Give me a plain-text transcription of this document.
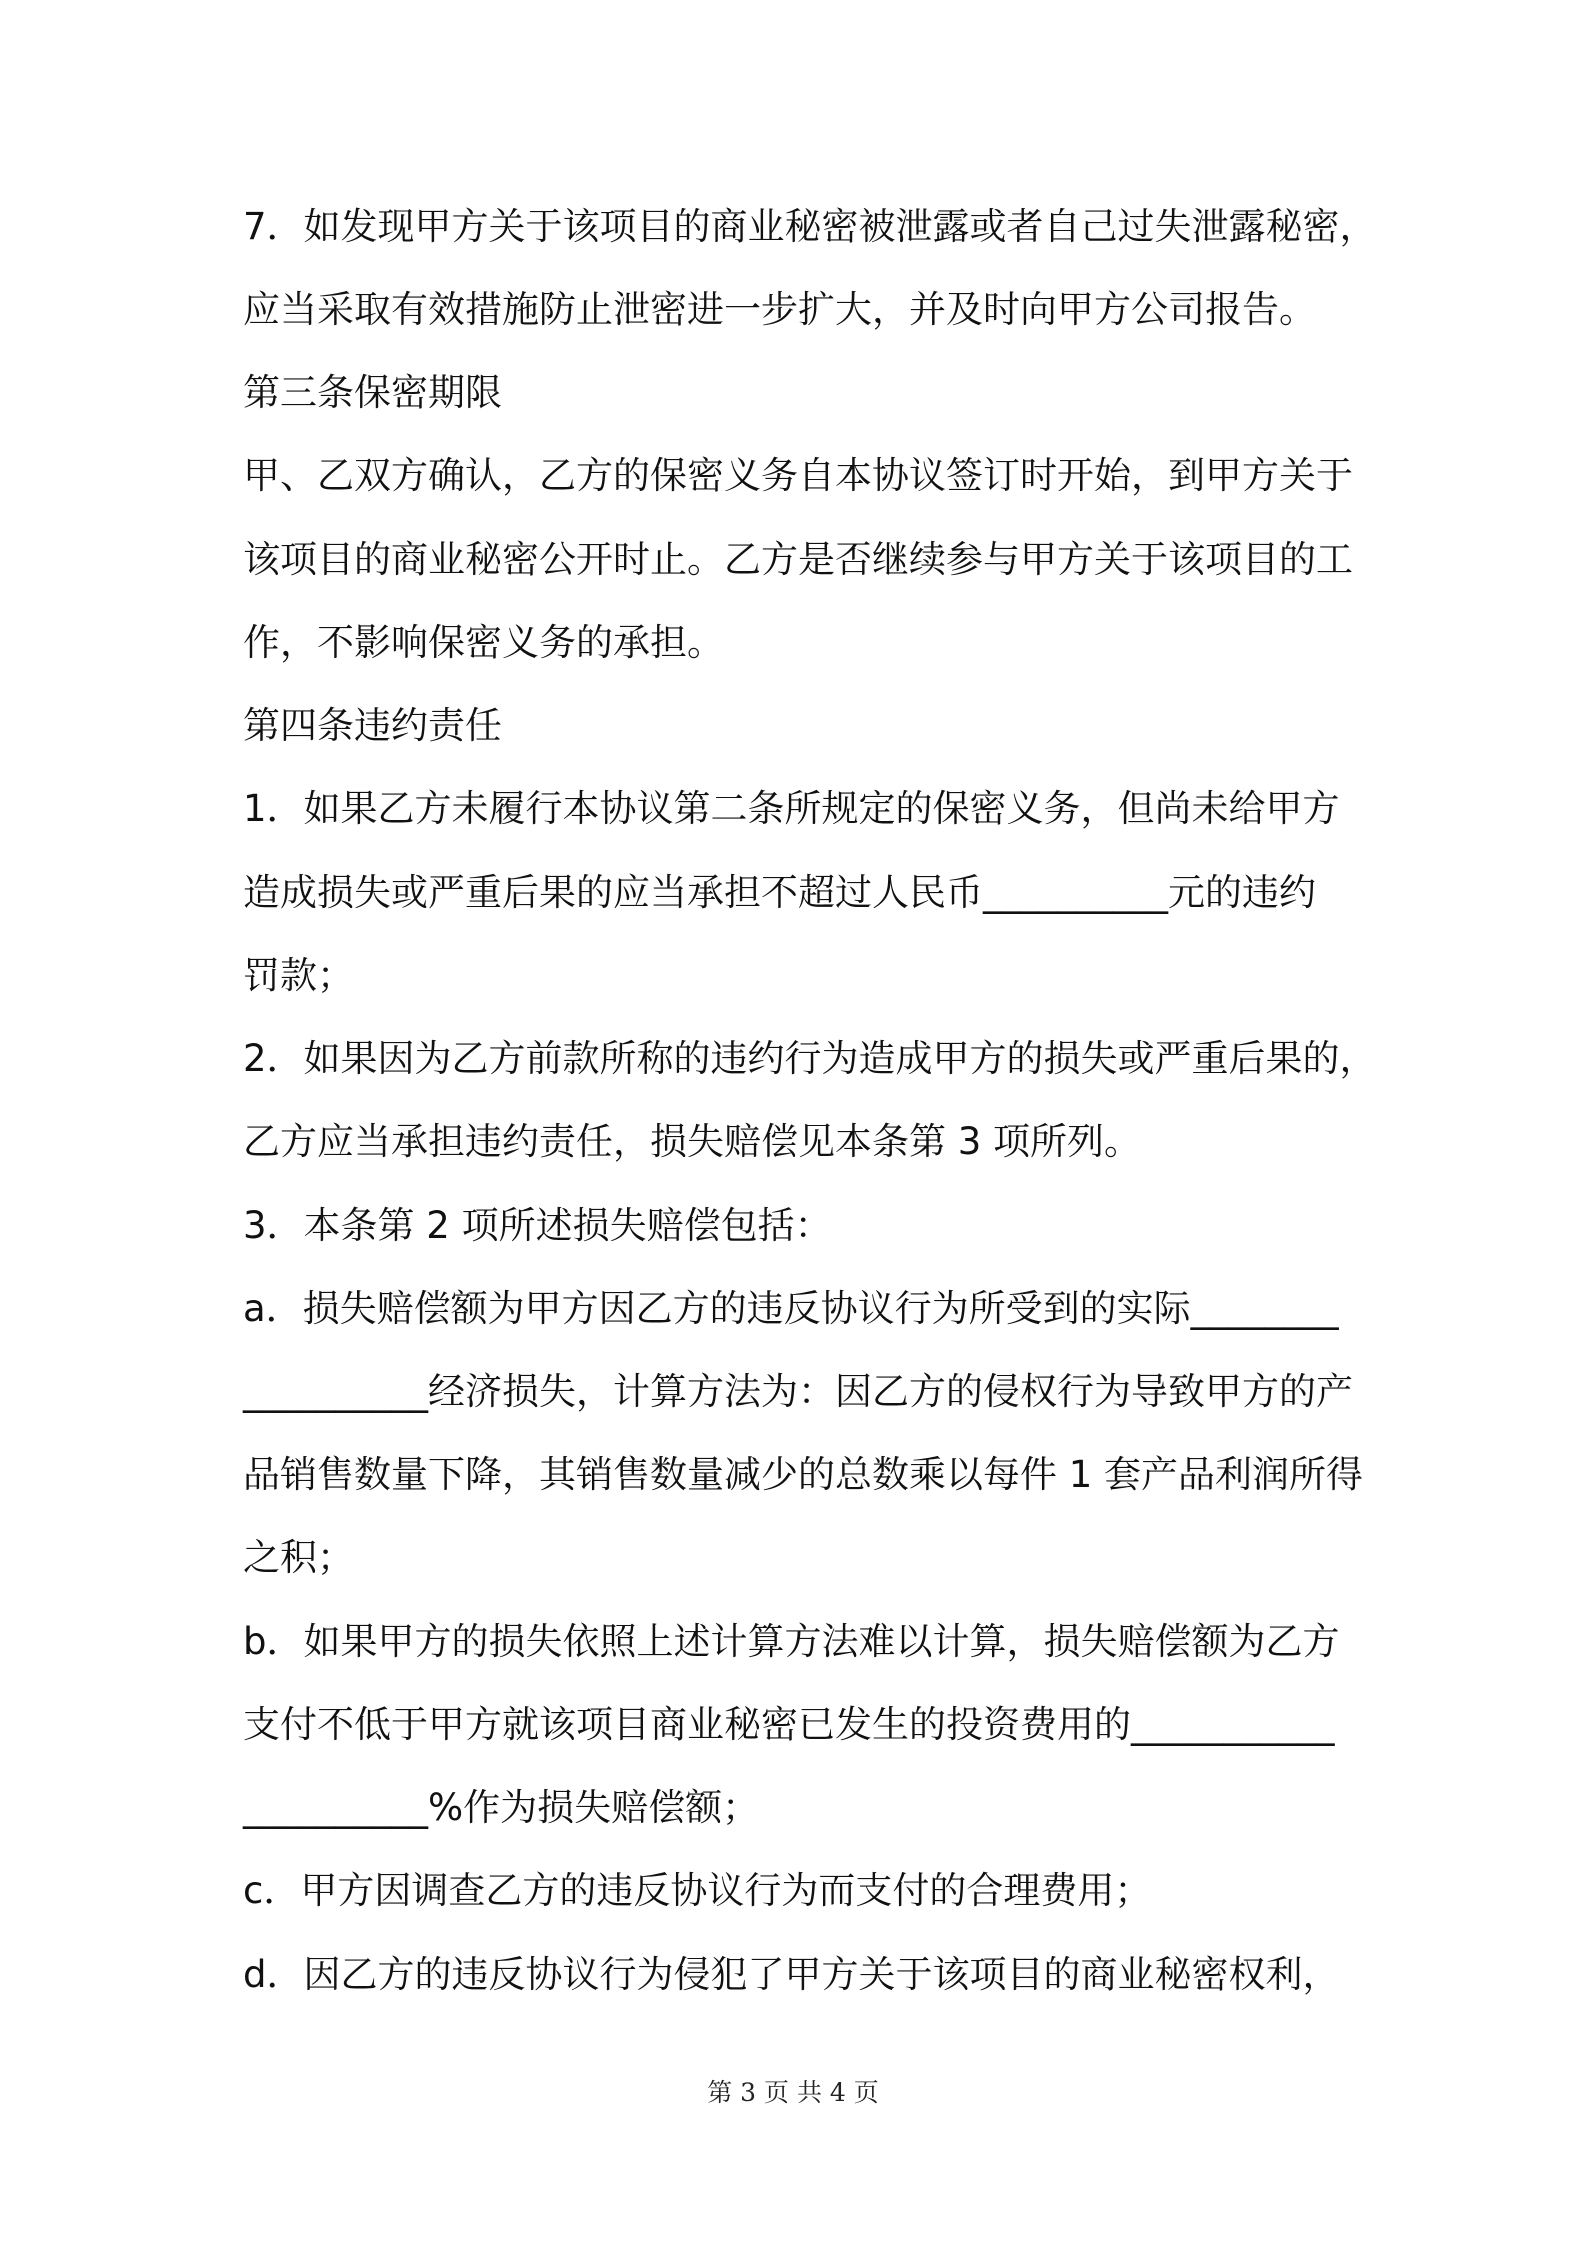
7．如发现甲方关于该项目的商业秘密被泄露或者自己过失泄露秘密，
应当采取有效措施防止泄密进一步扩大，并及时向甲方公司报告。
第三条保密期限
甲、乙双方确认，乙方的保密义务自本协议签订时开始，到甲方关于
该项目的商业秘密公开时止。乙方是否继续参与甲方关于该项目的工
作，不影响保密义务的承担。
第四条违约责任
1．如果乙方未履行本协议第二条所规定的保密义务，但尚未给甲方
造成损失或严重后果的应当承担不超过人民币__________元的违约
罚款；
2．如果因为乙方前款所称的违约行为造成甲方的损失或严重后果的，
乙方应当承担违约责任，损失赔偿见本条第 3 项所列。
3．本条第 2 项所述损失赔偿包括：
a．损失赔偿额为甲方因乙方的违反协议行为所受到的实际________
__________经济损失，计算方法为：因乙方的侵权行为导致甲方的产
品销售数量下降，其销售数量减少的总数乘以每件 1 套产品利润所得
之积；
b．如果甲方的损失依照上述计算方法难以计算，损失赔偿额为乙方
支付不低于甲方就该项目商业秘密已发生的投资费用的___________
__________%作为损失赔偿额；
c．甲方因调查乙方的违反协议行为而支付的合理费用；
d．因乙方的违反协议行为侵犯了甲方关于该项目的商业秘密权利，
第 3 页 共 4 页
